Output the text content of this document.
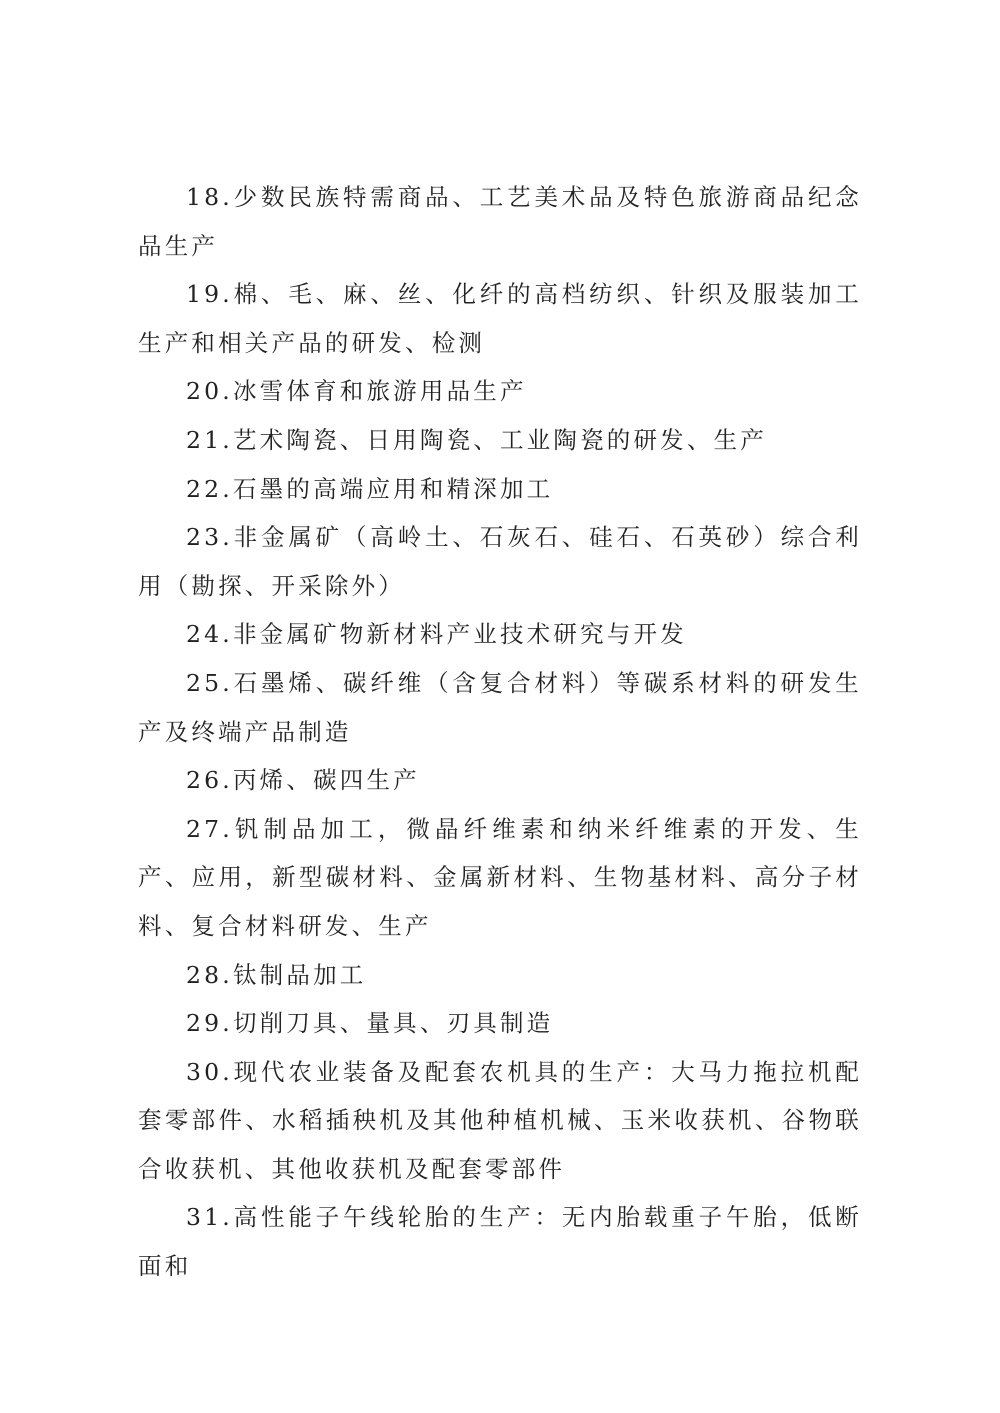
18.少数民族特需商品、工艺美术品及特色旅游商品纪念品生产

19.棉、毛、麻、丝、化纤的高档纺织、针织及服装加工生产和相关产品的研发、检测

20.冰雪体育和旅游用品生产

21.艺术陶瓷、日用陶瓷、工业陶瓷的研发、生产

22.石墨的高端应用和精深加工

23.非金属矿（高岭土、石灰石、硅石、石英砂）综合利用（勘探、开采除外）

24.非金属矿物新材料产业技术研究与开发

25.石墨烯、碳纤维（含复合材料）等碳系材料的研发生产及终端产品制造

26.丙烯、碳四生产

27.钒制品加工，微晶纤维素和纳米纤维素的开发、生产、应用，新型碳材料、金属新材料、生物基材料、高分子材料、复合材料研发、生产

28.钛制品加工

29.切削刀具、量具、刃具制造

30.现代农业装备及配套农机具的生产：大马力拖拉机配套零部件、水稻插秧机及其他种植机械、玉米收获机、谷物联合收获机、其他收获机及配套零部件

31.高性能子午线轮胎的生产：无内胎载重子午胎，低断面和
